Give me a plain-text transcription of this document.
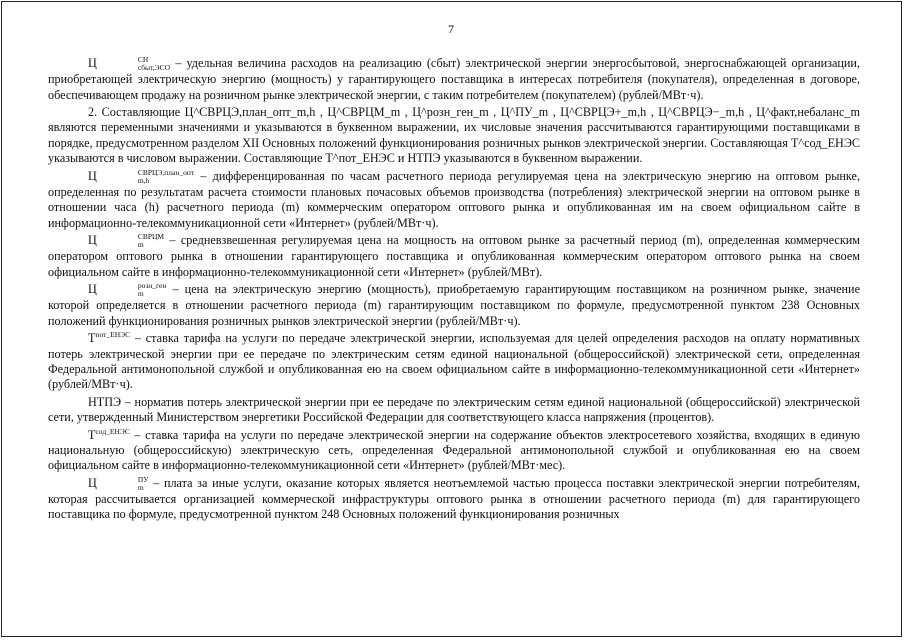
7

Ц	СН
сбыт,ЭСО – удельная величина расходов на реализацию (сбыт) электрической энергии энергосбытовой, энергоснабжающей организации, приобретающей электрическую энергию (мощность) у гарантирующего поставщика в интересах потребителя (покупателя), определенная в договоре, обеспечивающем продажу на розничном рынке электрической энергии, с таким потребителем (покупателем) (рублей/МВт·ч).

2. Составляющие Ц^СВРЦЭ,план_опт_m,h , Ц^СВРЦМ_m , Ц^розн_ген_m , Ц^ПУ_m , Ц^СВРЦЭ+_m,h , Ц^СВРЦЭ−_m,h , Ц^факт,небаланс_m являются переменными значениями и указываются в буквенном выражении, их числовые значения рассчитываются гарантирующими поставщиками в порядке, предусмотренном разделом XII Основных положений функционирования розничных рынков электрической энергии. Составляющая Т^сод_ЕНЭС указываются в числовом выражении. Составляющие Т^пот_ЕНЭС и НТПЭ указываются в буквенном выражении.

Ц	СВРЦЭ,план_опт
m,h	– дифференцированная по часам расчетного периода регулируемая цена на электрическую энергию на оптовом рынке, определенная по результатам расчета стоимости плановых почасовых объемов производства (потребления) электрической энергии на оптовом рынке в отношении часа (h) расчетного периода (m) коммерческим оператором оптового рынка и опубликованная им на своем официальном сайте в информационно-телекоммуникационной сети «Интернет» (рублей/МВт·ч).

Ц	СВРЦМ
m	– средневзвешенная регулируемая цена на мощность на оптовом рынке за расчетный период (m), определенная коммерческим оператором оптового рынка в отношении гарантирующего поставщика и опубликованная коммерческим оператором оптового рынка на своем официальном сайте в информационно-телекоммуникационной сети «Интернет» (рублей/МВт).

Ц	розн_ген
m	– цена на электрическую энергию (мощность), приобретаемую гарантирующим поставщиком на розничном рынке, значение которой определяется в отношении расчетного периода (m) гарантирующим поставщиком по формуле, предусмотренной пунктом 238 Основных положений функционирования розничных рынков электрической энергии (рублей/МВт·ч).

$Т^{пот\_ЕНЭС}$ – ставка тарифа на услуги по передаче электрической энергии, используемая для целей определения расходов на оплату нормативных потерь электрической энергии при ее передаче по электрическим сетям единой национальной (общероссийской) электрической сети, определенная Федеральной антимонопольной службой и опубликованная ею на своем официальном сайте в информационно-телекоммуникационной сети «Интернет» (рублей/МВт·ч).

НТПЭ – норматив потерь электрической энергии при ее передаче по электрическим сетям единой национальной (общероссийской) электрической сети, утвержденный Министерством энергетики Российской Федерации для соответствующего класса напряжения (процентов).

$Т^{сод\_ЕНЭС}$ – ставка тарифа на услуги по передаче электрической энергии на содержание объектов электросетевого хозяйства, входящих в единую национальную (общероссийскую) электрическую сеть, определенная Федеральной антимонопольной службой и опубликованная ею на своем официальном сайте в информационно-телекоммуникационной сети «Интернет» (рублей/МВт·мес).

Ц	ПУ
m – плата за иные услуги, оказание которых является неотъемлемой частью процесса поставки электрической энергии потребителям, которая рассчитывается организацией коммерческой инфраструктуры оптового рынка в отношении расчетного периода (m) для гарантирующего поставщика по формуле, предусмотренной пунктом 248 Основных положений функционирования розничных
